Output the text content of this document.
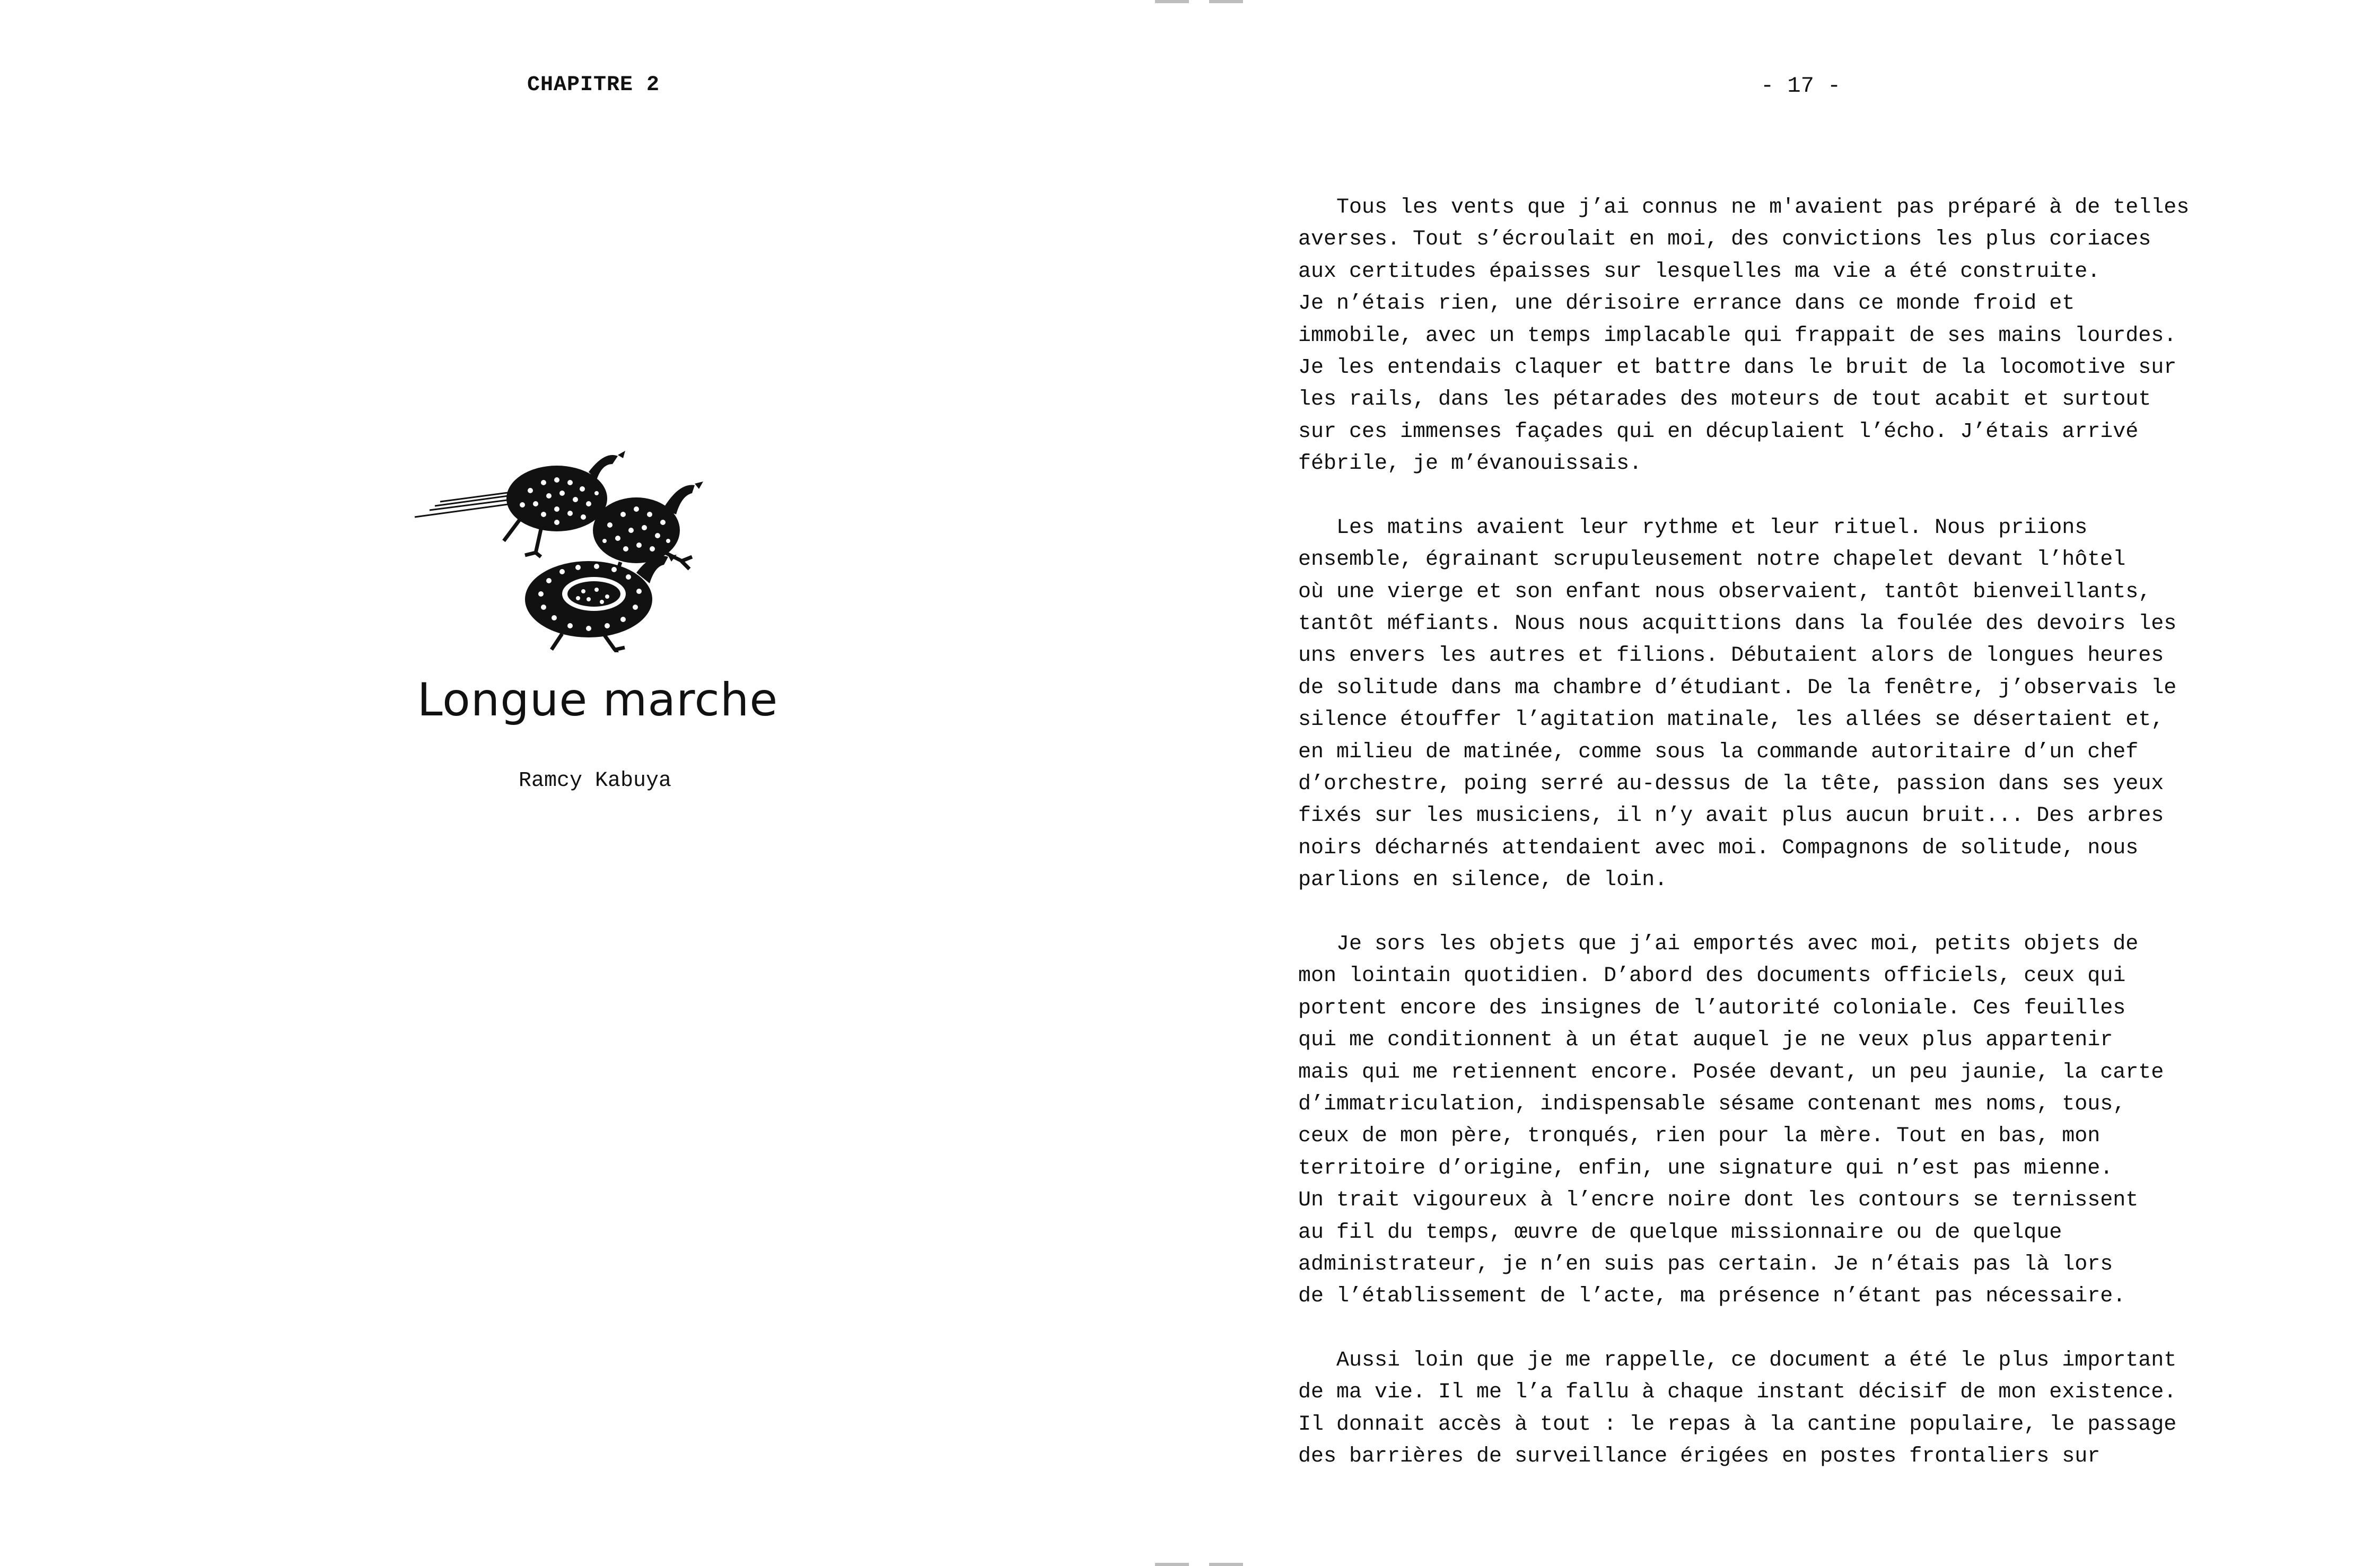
CHAPITRE 2
Longue marche
Ramcy Kabuya
- 17 -
Tous les vents que j’ai connus ne m'avaient pas préparé à de telles
averses. Tout s’écroulait en moi, des convictions les plus coriaces
aux certitudes épaisses sur lesquelles ma vie a été construite.
Je n’étais rien, une dérisoire errance dans ce monde froid et
immobile, avec un temps implacable qui frappait de ses mains lourdes.
Je les entendais claquer et battre dans le bruit de la locomotive sur
les rails, dans les pétarades des moteurs de tout acabit et surtout
sur ces immenses façades qui en décuplaient l’écho. J’étais arrivé
fébrile, je m’évanouissais.
Les matins avaient leur rythme et leur rituel. Nous priions
ensemble, égrainant scrupuleusement notre chapelet devant l’hôtel
où une vierge et son enfant nous observaient, tantôt bienveillants,
tantôt méfiants. Nous nous acquittions dans la foulée des devoirs les
uns envers les autres et filions. Débutaient alors de longues heures
de solitude dans ma chambre d’étudiant. De la fenêtre, j’observais le
silence étouffer l’agitation matinale, les allées se désertaient et,
en milieu de matinée, comme sous la commande autoritaire d’un chef
d’orchestre, poing serré au-dessus de la tête, passion dans ses yeux
fixés sur les musiciens, il n’y avait plus aucun bruit... Des arbres
noirs décharnés attendaient avec moi. Compagnons de solitude, nous
parlions en silence, de loin.
Je sors les objets que j’ai emportés avec moi, petits objets de
mon lointain quotidien. D’abord des documents officiels, ceux qui
portent encore des insignes de l’autorité coloniale. Ces feuilles
qui me conditionnent à un état auquel je ne veux plus appartenir
mais qui me retiennent encore. Posée devant, un peu jaunie, la carte
d’immatriculation, indispensable sésame contenant mes noms, tous,
ceux de mon père, tronqués, rien pour la mère. Tout en bas, mon
territoire d’origine, enfin, une signature qui n’est pas mienne.
Un trait vigoureux à l’encre noire dont les contours se ternissent
au fil du temps, œuvre de quelque missionnaire ou de quelque
administrateur, je n’en suis pas certain. Je n’étais pas là lors
de l’établissement de l’acte, ma présence n’étant pas nécessaire.
Aussi loin que je me rappelle, ce document a été le plus important
de ma vie. Il me l’a fallu à chaque instant décisif de mon existence.
Il donnait accès à tout : le repas à la cantine populaire, le passage
des barrières de surveillance érigées en postes frontaliers sur
